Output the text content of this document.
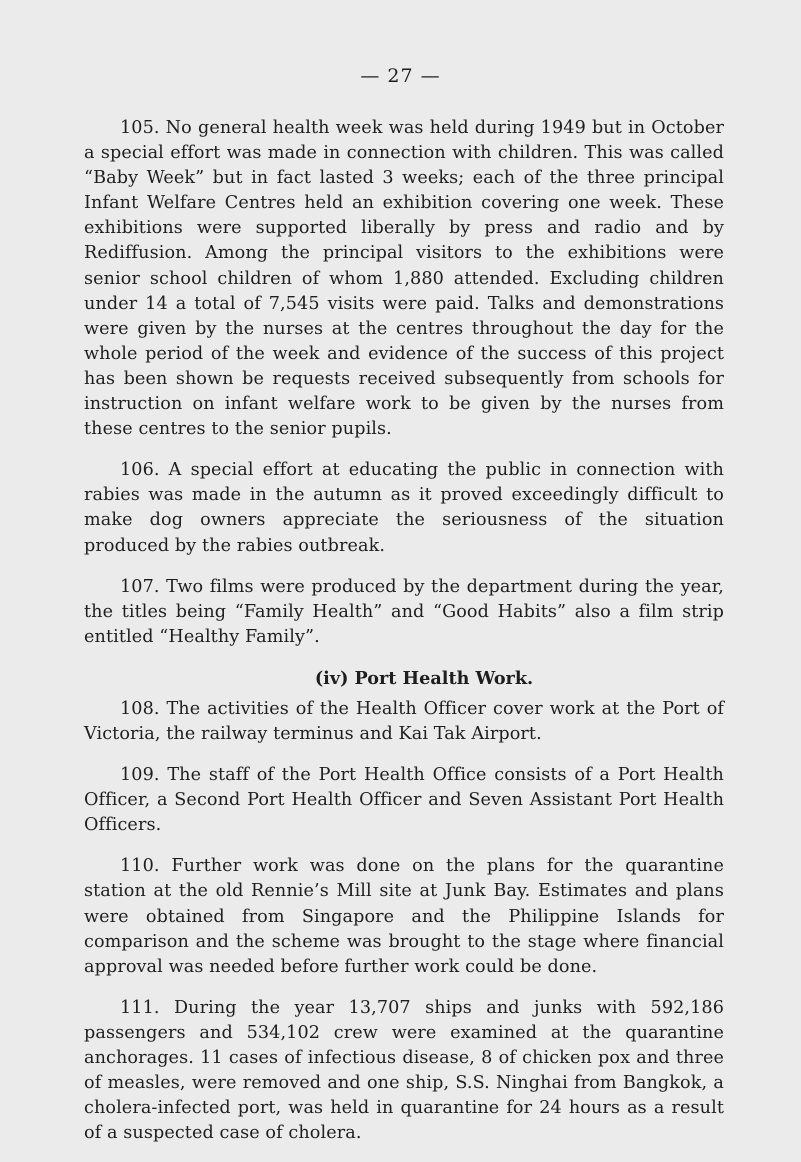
— 27 —

105. No general health week was held during 1949 but in October a special effort was made in connection with children. This was called “Baby Week” but in fact lasted 3 weeks; each of the three principal Infant Welfare Centres held an exhibition covering one week. These exhibitions were supported liberally by press and radio and by Rediffusion. Among the principal visitors to the exhibitions were senior school children of whom 1,880 attended. Excluding children under 14 a total of 7,545 visits were paid. Talks and demonstrations were given by the nurses at the centres throughout the day for the whole period of the week and evidence of the success of this project has been shown be requests received subsequently from schools for instruction on infant welfare work to be given by the nurses from these centres to the senior pupils.

106. A special effort at educating the public in connection with rabies was made in the autumn as it proved exceedingly difficult to make dog owners appreciate the seriousness of the situation produced by the rabies outbreak.

107. Two films were produced by the department during the year, the titles being “Family Health” and “Good Habits” also a film strip entitled “Healthy Family”.

(iv) Port Health Work.

108. The activities of the Health Officer cover work at the Port of Victoria, the railway terminus and Kai Tak Airport.

109. The staff of the Port Health Office consists of a Port Health Officer, a Second Port Health Officer and Seven Assistant Port Health Officers.

110. Further work was done on the plans for the quarantine station at the old Rennie’s Mill site at Junk Bay. Estimates and plans were obtained from Singapore and the Philippine Islands for comparison and the scheme was brought to the stage where financial approval was needed before further work could be done.

111. During the year 13,707 ships and junks with 592,186 passengers and 534,102 crew were examined at the quarantine anchorages. 11 cases of infectious disease, 8 of chicken pox and three of measles, were removed and one ship, S.S. Ninghai from Bangkok, a cholera-infected port, was held in quarantine for 24 hours as a result of a suspected case of cholera.
